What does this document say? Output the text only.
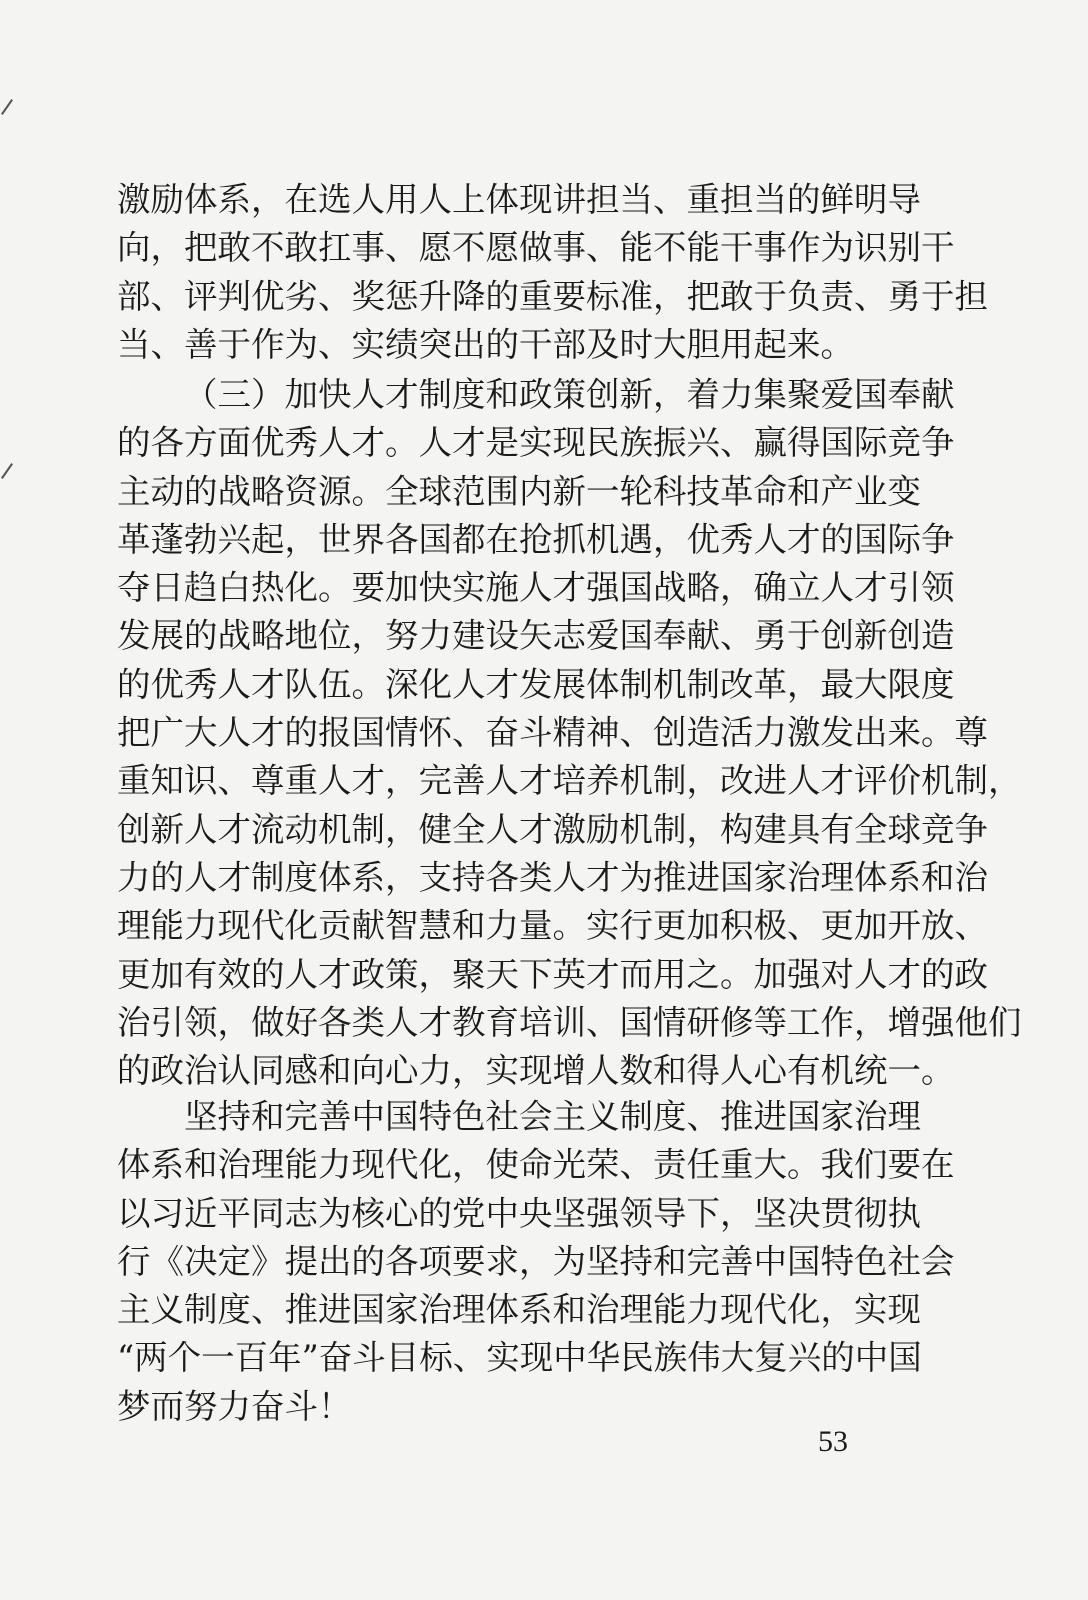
激励体系，在选人用人上体现讲担当、重担当的鲜明导
向，把敢不敢扛事、愿不愿做事、能不能干事作为识别干
部、评判优劣、奖惩升降的重要标准，把敢于负责、勇于担
当、善于作为、实绩突出的干部及时大胆用起来。
（三）加快人才制度和政策创新，着力集聚爱国奉献
的各方面优秀人才。人才是实现民族振兴、赢得国际竞争
主动的战略资源。全球范围内新一轮科技革命和产业变
革蓬勃兴起，世界各国都在抢抓机遇，优秀人才的国际争
夺日趋白热化。要加快实施人才强国战略，确立人才引领
发展的战略地位，努力建设矢志爱国奉献、勇于创新创造
的优秀人才队伍。深化人才发展体制机制改革，最大限度
把广大人才的报国情怀、奋斗精神、创造活力激发出来。尊
重知识、尊重人才，完善人才培养机制，改进人才评价机制，
创新人才流动机制，健全人才激励机制，构建具有全球竞争
力的人才制度体系，支持各类人才为推进国家治理体系和治
理能力现代化贡献智慧和力量。实行更加积极、更加开放、
更加有效的人才政策，聚天下英才而用之。加强对人才的政
治引领，做好各类人才教育培训、国情研修等工作，增强他们
的政治认同感和向心力，实现增人数和得人心有机统一。
坚持和完善中国特色社会主义制度、推进国家治理
体系和治理能力现代化，使命光荣、责任重大。我们要在
以习近平同志为核心的党中央坚强领导下，坚决贯彻执
行《决定》提出的各项要求，为坚持和完善中国特色社会
主义制度、推进国家治理体系和治理能力现代化，实现
“两个一百年”奋斗目标、实现中华民族伟大复兴的中国
梦而努力奋斗！
53
